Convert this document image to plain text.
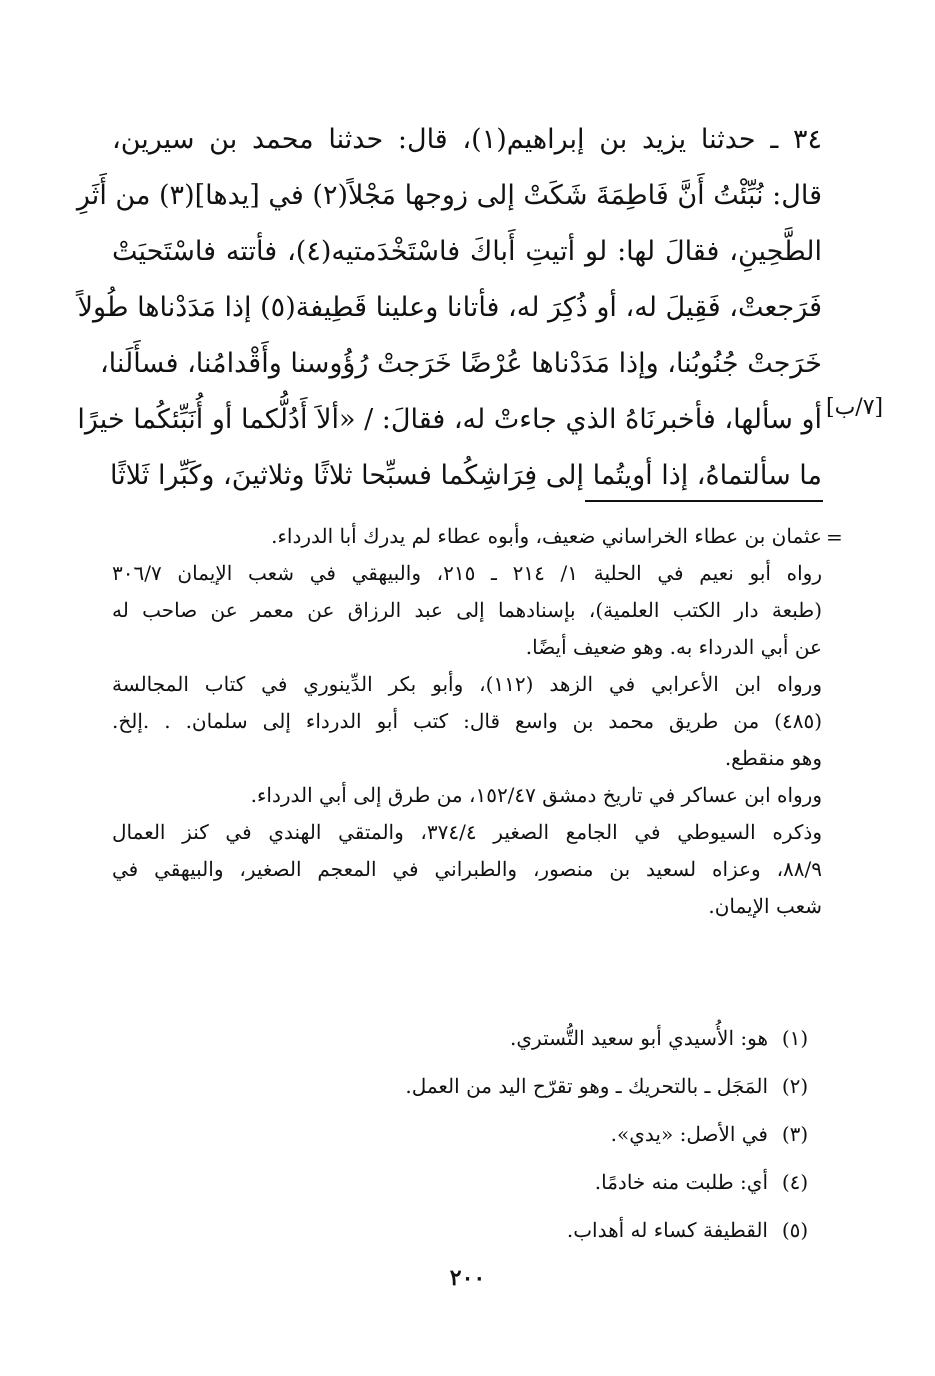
٣٤ ـ حدثنا يزيد بن إبراهيم(١)، قال: حدثنا محمد بن سيرين،
قال: نُبِّئْتُ أَنَّ فَاطِمَةَ شَكَتْ إلى زوجها مَجْلاً(٢) في [يدها](٣) من أَثَرِ
الطَّحِينِ، فقالَ لها: لو أتيتِ أَباكَ فاسْتَخْدَمتيه(٤)، فأتته فاسْتَحيَتْ
فَرَجعتْ، فَقِيلَ له، أو ذُكِرَ له، فأتانا وعلينا قَطِيفة(٥) إذا مَدَدْناها طُولاً
خَرَجتْ جُنُوبُنا، وإذا مَدَدْناها عُرْضًا خَرَجتْ رُؤُوسنا وأَقْدامُنا، فسأَلَنا،
أو سألها، فأخبرنَاهُ الذي جاءتْ له، فقالَ: / «ألاَ أَدُلُّكما أو أُنَبِّئكُما خيرًا
ما سألتماهُ، إذا أويتُما إلى فِرَاشِكُما فسبِّحا ثلاثًا وثلاثينَ، وكَبِّرا ثَلاثًا
[٧/ب]
=
عثمان بن عطاء الخراساني ضعيف، وأبوه عطاء لم يدرك أبا الدرداء.
رواه أبو نعيم في الحلية ١/ ٢١٤ ـ ٢١٥، والبيهقي في شعب الإيمان ٣٠٦/٧
(طبعة دار الكتب العلمية)، بإسنادهما إلى عبد الرزاق عن معمر عن صاحب له
عن أبي الدرداء به. وهو ضعيف أيضًا.
ورواه ابن الأعرابي في الزهد (١١٢)، وأبو بكر الدِّينوري في كتاب المجالسة
(٤٨٥) من طريق محمد بن واسع قال: كتب أبو الدرداء إلى سلمان. . .إلخ.
وهو منقطع.
ورواه ابن عساكر في تاريخ دمشق ١٥٢/٤٧، من طرق إلى أبي الدرداء.
وذكره السيوطي في الجامع الصغير ٣٧٤/٤، والمتقي الهندي في كنز العمال
٨٨/٩، وعزاه لسعيد بن منصور، والطبراني في المعجم الصغير، والبيهقي في
شعب الإيمان.
(١)
هو: الأُسيدي أبو سعيد التُّستري.
(٢)
المَجَل ـ بالتحريك ـ وهو تقرّح اليد من العمل.
(٣)
في الأصل: «يدي».
(٤)
أي: طلبت منه خادمًا.
(٥)
القطيفة كساء له أهداب.
٢٠٠
